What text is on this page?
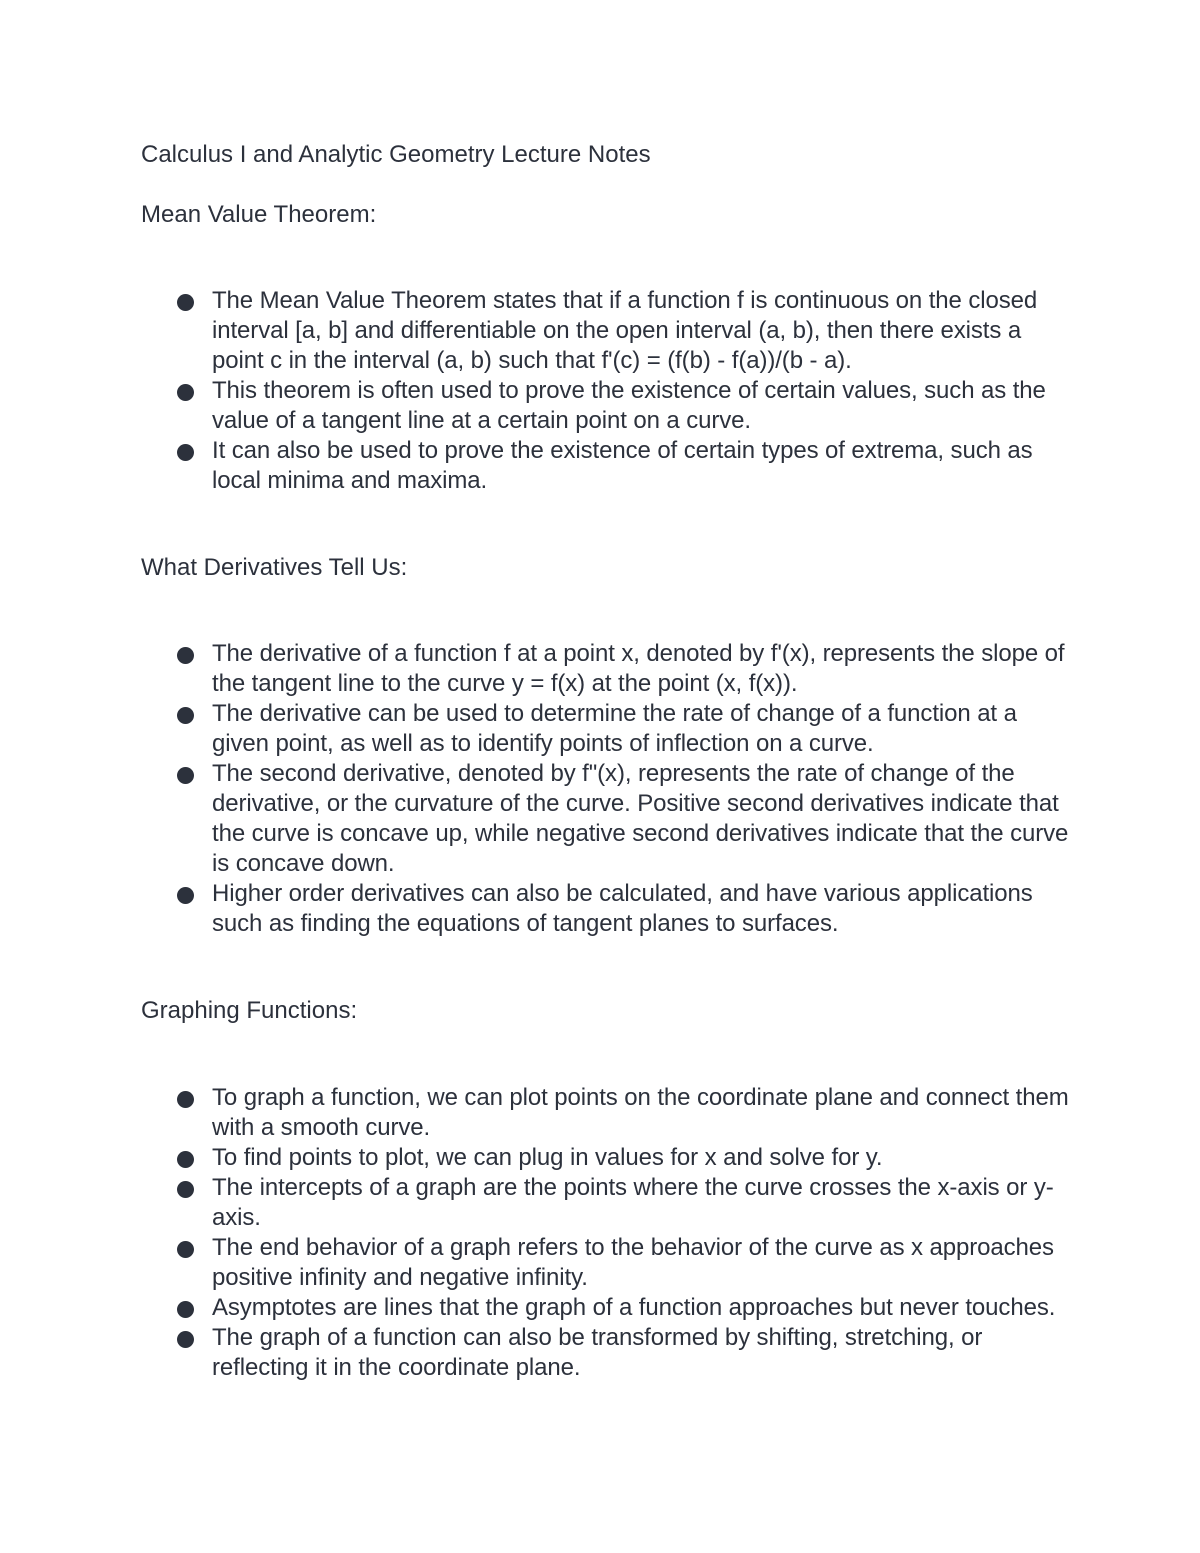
Calculus I and Analytic Geometry Lecture Notes
Mean Value Theorem:
The Mean Value Theorem states that if a function f is continuous on the closed interval [a, b] and differentiable on the open interval (a, b), then there exists a point c in the interval (a, b) such that f'(c) = (f(b) - f(a))/(b - a).
This theorem is often used to prove the existence of certain values, such as the value of a tangent line at a certain point on a curve.
It can also be used to prove the existence of certain types of extrema, such as local minima and maxima.
What Derivatives Tell Us:
The derivative of a function f at a point x, denoted by f'(x), represents the slope of the tangent line to the curve y = f(x) at the point (x, f(x)).
The derivative can be used to determine the rate of change of a function at a given point, as well as to identify points of inflection on a curve.
The second derivative, denoted by f"(x), represents the rate of change of the derivative, or the curvature of the curve. Positive second derivatives indicate that the curve is concave up, while negative second derivatives indicate that the curve is concave down.
Higher order derivatives can also be calculated, and have various applications such as finding the equations of tangent planes to surfaces.
Graphing Functions:
To graph a function, we can plot points on the coordinate plane and connect them with a smooth curve.
To find points to plot, we can plug in values for x and solve for y.
The intercepts of a graph are the points where the curve crosses the x-axis or y-axis.
The end behavior of a graph refers to the behavior of the curve as x approaches positive infinity and negative infinity.
Asymptotes are lines that the graph of a function approaches but never touches.
The graph of a function can also be transformed by shifting, stretching, or reflecting it in the coordinate plane.
